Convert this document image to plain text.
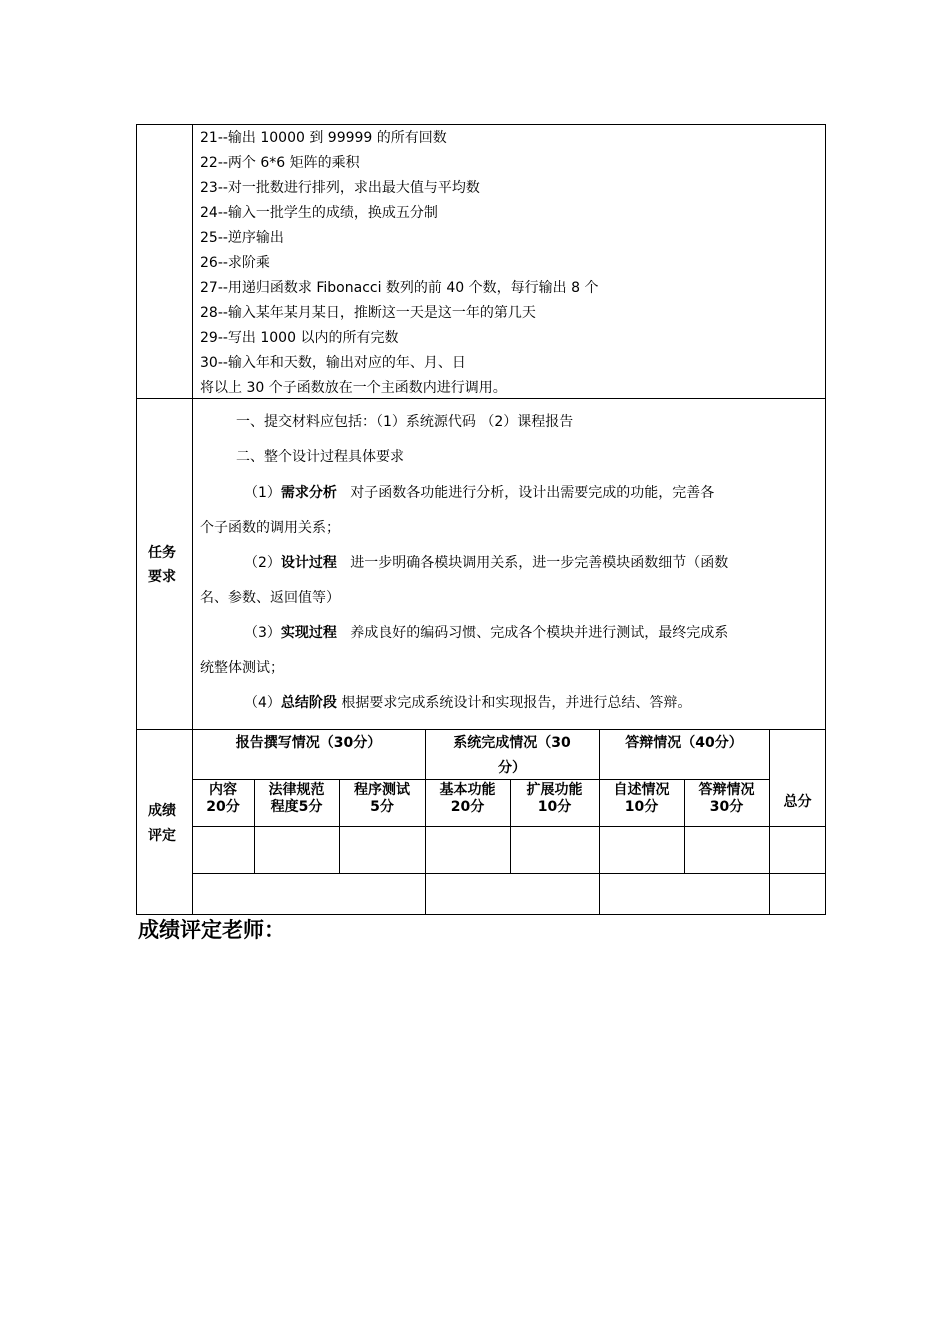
21--输出 10000 到 99999 的所有回数
22--两个 6*6 矩阵的乘积
23--对一批数进行排列，求出最大值与平均数
24--输入一批学生的成绩，换成五分制
25--逆序输出
26--求阶乘
27--用递归函数求 Fibonacci 数列的前 40 个数，每行输出 8 个
28--输入某年某月某日，推断这一天是这一年的第几天
29--写出 1000 以内的所有完数
30--输入年和天数，输出对应的年、月、日
将以上 30 个子函数放在一个主函数内进行调用。
任务
要求
一、提交材料应包括：（1）系统源代码 （2）课程报告
二、整个设计过程具体要求
（1）需求分析 对子函数各功能进行分析，设计出需要完成的功能，完善各
个子函数的调用关系；
（2）设计过程 进一步明确各模块调用关系，进一步完善模块函数细节（函数
名、参数、返回值等）
（3）实现过程 养成良好的编码习惯、完成各个模块并进行测试，最终完成系
统整体测试；
（4）总结阶段 根据要求完成系统设计和实现报告，并进行总结、答辩。
成绩
评定
报告撰写情况（30分）	系统完成情况（30
分）
答辩情况（40分）
总分
内容
20分
法律规范
程度5分
程序测试
5分
基本功能
20分
扩展功能
10分
自述情况
10分
答辩情况
30分
成绩评定老师：
